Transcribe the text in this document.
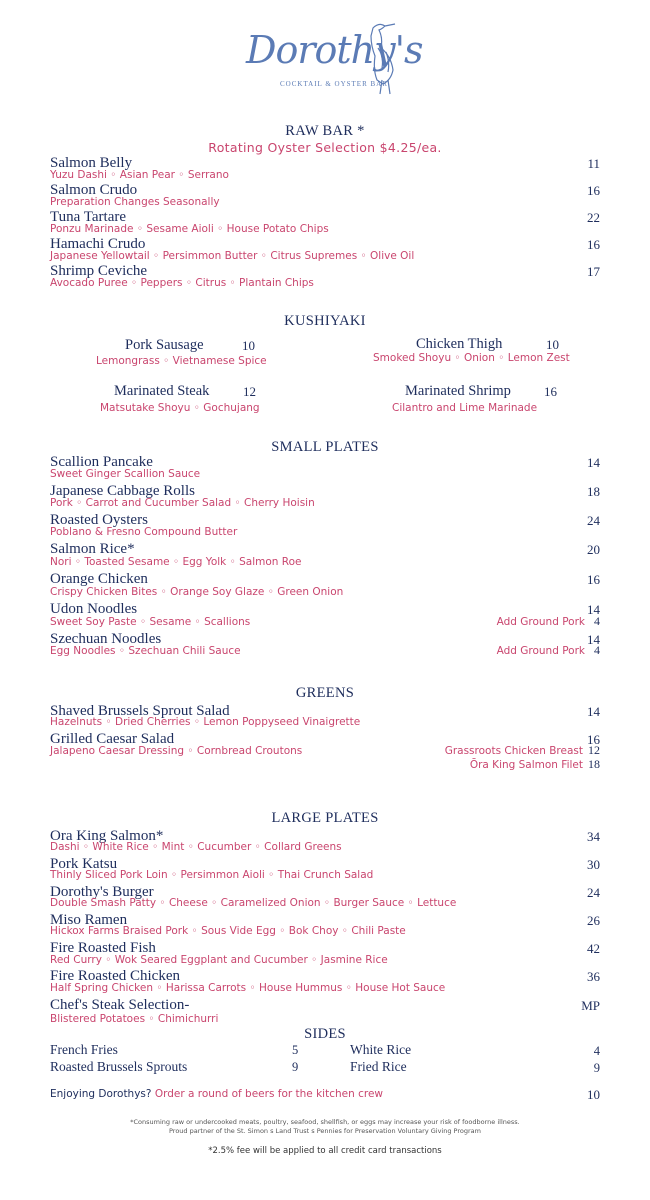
Dorothy's
COCKTAIL & OYSTER BAR
RAW BAR *
Rotating Oyster Selection $4.25/ea.
Salmon Belly
Yuzu Dashi ◦ Asian Pear ◦ Serrano
11
Salmon Crudo
Preparation Changes Seasonally
16
Tuna Tartare
Ponzu Marinade ◦ Sesame Aioli ◦ House Potato Chips
22
Hamachi Crudo
Japanese Yellowtail ◦ Persimmon Butter ◦ Citrus Supremes ◦ Olive Oil
16
Shrimp Ceviche
Avocado Puree ◦ Peppers ◦ Citrus ◦ Plantain Chips
17
KUSHIYAKI
Pork Sausage	10
Lemongrass ◦ Vietnamese Spice
Chicken Thigh	10
Smoked Shoyu ◦ Onion ◦ Lemon Zest
Marinated Steak	12
Matsutake Shoyu ◦ Gochujang
Marinated Shrimp	16
Cilantro and Lime Marinade
SMALL PLATES
Scallion Pancake
Sweet Ginger Scallion Sauce
14
Japanese Cabbage Rolls
Pork ◦ Carrot and Cucumber Salad ◦ Cherry Hoisin
18
Roasted Oysters
Poblano & Fresno Compound Butter
24
Salmon Rice*
Nori ◦ Toasted Sesame ◦ Egg Yolk ◦ Salmon Roe
20
Orange Chicken
Crispy Chicken Bites ◦ Orange Soy Glaze ◦ Green Onion
16
Udon Noodles
Sweet Soy Paste ◦ Sesame ◦ Scallions
14
Add Ground Pork 4
Szechuan Noodles
Egg Noodles ◦ Szechuan Chili Sauce
14
Add Ground Pork 4
GREENS
Shaved Brussels Sprout Salad
Hazelnuts ◦ Dried Cherries ◦ Lemon Poppyseed Vinaigrette
14
Grilled Caesar Salad
Jalapeno Caesar Dressing ◦ Cornbread Croutons
16
Grassroots Chicken Breast 12
Ōra King Salmon Filet 18
LARGE PLATES
Ora King Salmon*
Dashi ◦ White Rice ◦ Mint ◦ Cucumber ◦ Collard Greens
34
Pork Katsu
Thinly Sliced Pork Loin ◦ Persimmon Aioli ◦ Thai Crunch Salad
30
Dorothy's Burger
Double Smash Patty ◦ Cheese ◦ Caramelized Onion ◦ Burger Sauce ◦ Lettuce
24
Miso Ramen
Hickox Farms Braised Pork ◦ Sous Vide Egg ◦ Bok Choy ◦ Chili Paste
26
Fire Roasted Fish
Red Curry ◦ Wok Seared Eggplant and Cucumber ◦ Jasmine Rice
42
Fire Roasted Chicken
Half Spring Chicken ◦ Harissa Carrots ◦ House Hummus ◦ House Hot Sauce
36
Chef's Steak Selection-
Blistered Potatoes ◦ Chimichurri
MP
SIDES
French Fries	5
Roasted Brussels Sprouts	9
White Rice	4
Fried Rice	9
Enjoying Dorothys? Order a round of beers for the kitchen crew	10
*Consuming raw or undercooked meats, poultry, seafood, shellfish, or eggs may increase your risk of foodborne illness.
Proud partner of the St. Simon s Land Trust s Pennies for Preservation Voluntary Giving Program
*2.5% fee will be applied to all credit card transactions
